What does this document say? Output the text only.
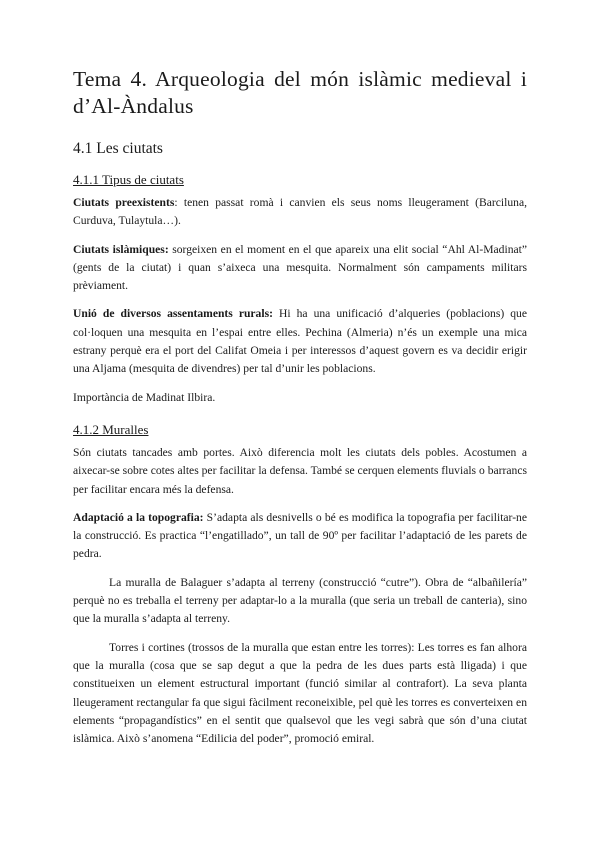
Tema 4. Arqueologia del món islàmic medieval i d’Al-Àndalus
4.1 Les ciutats
4.1.1 Tipus de ciutats

Ciutats preexistents: tenen passat romà i canvien els seus noms lleugerament (Barciluna, Curduva, Tulaytula…).

Ciutats islàmiques: sorgeixen en el moment en el que apareix una elit social “Ahl Al-Madinat” (gents de la ciutat) i quan s’aixeca una mesquita. Normalment són campaments militars prèviament.

Unió de diversos assentaments rurals: Hi ha una unificació d’alqueries (poblacions) que col·loquen una mesquita en l’espai entre elles. Pechina (Almeria) n’és un exemple una mica estrany perquè era el port del Califat Omeia i per interessos d’aquest govern es va decidir erigir una Aljama (mesquita de divendres) per tal d’unir les poblacions.

Importància de Madinat Ilbira.

4.1.2 Muralles

Són ciutats tancades amb portes. Això diferencia molt les ciutats dels pobles. Acostumen a aixecar-se sobre cotes altes per facilitar la defensa. També se cerquen elements fluvials o barrancs per facilitar encara més la defensa.

Adaptació a la topografia: S’adapta als desnivells o bé es modifica la topografia per facilitar-ne la construcció. Es practica “l’engatillado”, un tall de 90º per facilitar l’adaptació de les parets de pedra.

La muralla de Balaguer s’adapta al terreny (construcció “cutre”). Obra de “albañilería” perquè no es treballa el terreny per adaptar-lo a la muralla (que seria un treball de canteria), sino que la muralla s’adapta al terreny.

Torres i cortines (trossos de la muralla que estan entre les torres): Les torres es fan alhora que la muralla (cosa que se sap degut a que la pedra de les dues parts està lligada) i que constitueixen un element estructural important (funció similar al contrafort). La seva planta lleugerament rectangular fa que sigui fàcilment reconeixible, pel què les torres es converteixen en elements “propagandístics” en el sentit que qualsevol que les vegi sabrà que són d’una ciutat islàmica. Això s’anomena “Edilicia del poder”, promoció emiral.
